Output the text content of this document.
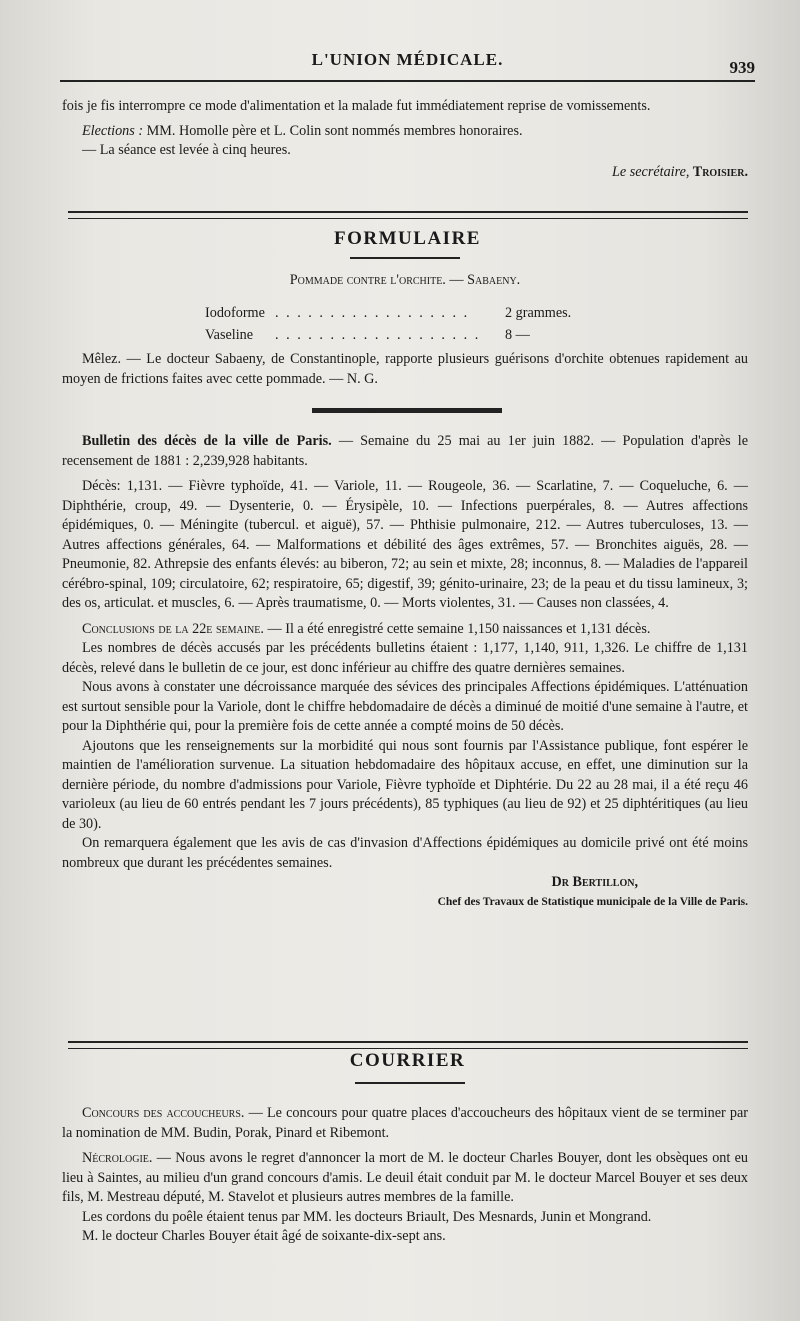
L'UNION MÉDICALE.	939

fois je fis interrompre ce mode d'alimentation et la malade fut immédiatement reprise de vomissements.

Elections : MM. Homolle père et L. Colin sont nommés membres honoraires.

— La séance est levée à cinq heures.

Le secrétaire, Troisier.

FORMULAIRE
Pommade contre l'orchite. — Sabaeny.
Iodoforme . . . . . . . . . . . . . . . . . .	2 grammes.
Vaseline . . . . . . . . . . . . . . . . . . . 8 —

Mêlez. — Le docteur Sabaeny, de Constantinople, rapporte plusieurs guérisons d'orchite obtenues rapidement au moyen de frictions faites avec cette pommade. — N. G.

Bulletin des décès de la ville de Paris. — Semaine du 25 mai au 1er juin 1882. — Population d'après le recensement de 1881 : 2,239,928 habitants.

Décès: 1,131. — Fièvre typhoïde, 41. — Variole, 11. — Rougeole, 36. — Scarlatine, 7. — Coqueluche, 6. — Diphthérie, croup, 49. — Dysenterie, 0. — Érysipèle, 10. — Infections puerpérales, 8. — Autres affections épidémiques, 0. — Méningite (tubercul. et aiguë), 57. — Phthisie pulmonaire, 212. — Autres tuberculoses, 13. — Autres affections générales, 64. — Malformations et débilité des âges extrêmes, 57. — Bronchites aiguës, 28. — Pneumonie, 82. Athrepsie des enfants élevés: au biberon, 72; au sein et mixte, 28; inconnus, 8. — Maladies de l'appareil cérébro-spinal, 109; circulatoire, 62; respiratoire, 65; digestif, 39; génito-urinaire, 23; de la peau et du tissu lamineux, 3; des os, articulat. et muscles, 6. — Après traumatisme, 0. — Morts violentes, 31. — Causes non classées, 4.

Conclusions de la 22e semaine. — Il a été enregistré cette semaine 1,150 naissances et 1,131 décès.

Les nombres de décès accusés par les précédents bulletins étaient : 1,177, 1,140, 911, 1,326. Le chiffre de 1,131 décès, relevé dans le bulletin de ce jour, est donc inférieur au chiffre des quatre dernières semaines.

Nous avons à constater une décroissance marquée des sévices des principales Affections épidémiques. L'atténuation est surtout sensible pour la Variole, dont le chiffre hebdomadaire de décès a diminué de moitié d'une semaine à l'autre, et pour la Diphthérie qui, pour la première fois de cette année a compté moins de 50 décès.

Ajoutons que les renseignements sur la morbidité qui nous sont fournis par l'Assistance publique, font espérer le maintien de l'amélioration survenue. La situation hebdomadaire des hôpitaux accuse, en effet, une diminution sur la dernière période, du nombre d'admissions pour Variole, Fièvre typhoïde et Diphtérie. Du 22 au 28 mai, il a été reçu 46 varioleux (au lieu de 60 entrés pendant les 7 jours précédents), 85 typhiques (au lieu de 92) et 25 diphtéritiques (au lieu de 30).

On remarquera également que les avis de cas d'invasion d'Affections épidémiques au domicile privé ont été moins nombreux que durant les précédentes semaines.

Dr Bertillon,

Chef des Travaux de Statistique municipale de la Ville de Paris.

COURRIER

Concours des accoucheurs. — Le concours pour quatre places d'accoucheurs des hôpitaux vient de se terminer par la nomination de MM. Budin, Porak, Pinard et Ribemont.

Nécrologie. — Nous avons le regret d'annoncer la mort de M. le docteur Charles Bouyer, dont les obsèques ont eu lieu à Saintes, au milieu d'un grand concours d'amis. Le deuil était conduit par M. le docteur Marcel Bouyer et ses deux fils, M. Mestreau député, M. Stavelot et plusieurs autres membres de la famille.

Les cordons du poêle étaient tenus par MM. les docteurs Briault, Des Mesnards, Junin et Mongrand.

M. le docteur Charles Bouyer était âgé de soixante-dix-sept ans.
